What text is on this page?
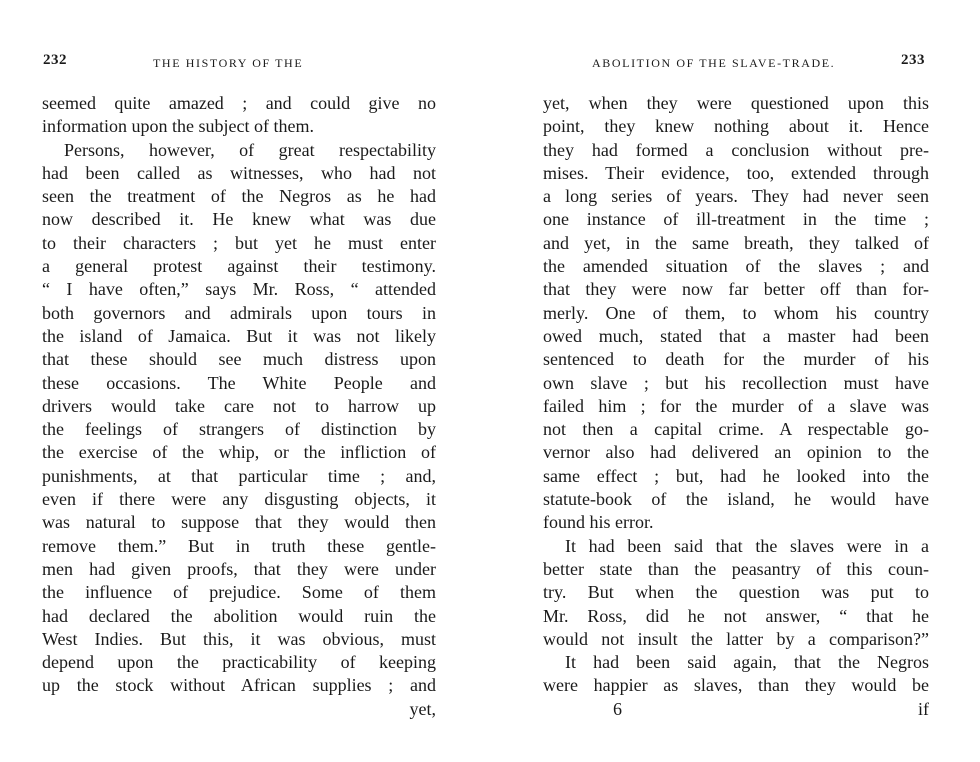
232	THE HISTORY OF THE
seemed quite amazed ; and could give no
information upon the subject of them.
Persons, however, of great respectability
had been called as witnesses, who had not
seen the treatment of the Negros as he had
now described it. He knew what was due
to their characters ; but yet he must enter
a general protest against their testimony.
“ I have often,” says Mr. Ross, “ attended
both governors and admirals upon tours in
the island of Jamaica. But it was not likely
that these should see much distress upon
these occasions. The White People and
drivers would take care not to harrow up
the feelings of strangers of distinction by
the exercise of the whip, or the infliction of
punishments, at that particular time ; and,
even if there were any disgusting objects, it
was natural to suppose that they would then
remove them.” But in truth these gentle-
men had given proofs, that they were under
the influence of prejudice. Some of them
had declared the abolition would ruin the
West Indies. But this, it was obvious, must
depend upon the practicability of keeping
up the stock without African supplies ; and
yet,
ABOLITION OF THE SLAVE-TRADE.	233
yet, when they were questioned upon this
point, they knew nothing about it. Hence
they had formed a conclusion without pre-
mises. Their evidence, too, extended through
a long series of years. They had never seen
one instance of ill-treatment in the time ;
and yet, in the same breath, they talked of
the amended situation of the slaves ; and
that they were now far better off than for-
merly. One of them, to whom his country
owed much, stated that a master had been
sentenced to death for the murder of his
own slave ; but his recollection must have
failed him ; for the murder of a slave was
not then a capital crime. A respectable go-
vernor also had delivered an opinion to the
same effect ; but, had he looked into the
statute-book of the island, he would have
found his error.
It had been said that the slaves were in a
better state than the peasantry of this coun-
try. But when the question was put to
Mr. Ross, did he not answer, “ that he
would not insult the latter by a comparison?”
It had been said again, that the Negros
were happier as slaves, than they would be
6	if
